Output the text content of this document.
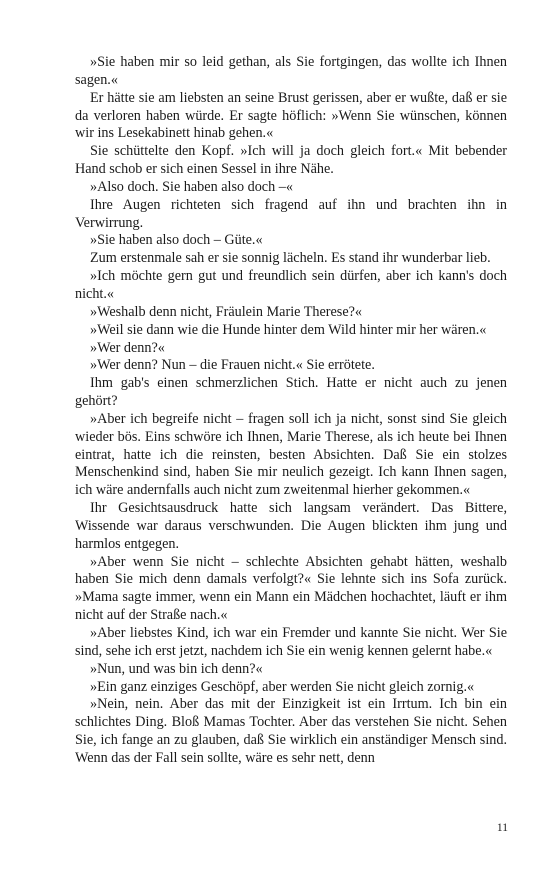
»Sie haben mir so leid gethan, als Sie fortgingen, das wollte ich Ihnen sagen.«

Er hätte sie am liebsten an seine Brust gerissen, aber er wußte, daß er sie da verloren haben würde. Er sagte höflich: »Wenn Sie wünschen, können wir ins Lesekabinett hinab gehen.«

Sie schüttelte den Kopf. »Ich will ja doch gleich fort.« Mit bebender Hand schob er sich einen Sessel in ihre Nähe.

»Also doch. Sie haben also doch –«

Ihre Augen richteten sich fragend auf ihn und brachten ihn in Verwirrung.

»Sie haben also doch – Güte.«

Zum erstenmale sah er sie sonnig lächeln. Es stand ihr wunderbar lieb.

»Ich möchte gern gut und freundlich sein dürfen, aber ich kann's doch nicht.«

»Weshalb denn nicht, Fräulein Marie Therese?«

»Weil sie dann wie die Hunde hinter dem Wild hinter mir her wären.«

»Wer denn?«

»Wer denn? Nun – die Frauen nicht.« Sie errötete.

Ihm gab's einen schmerzlichen Stich. Hatte er nicht auch zu jenen gehört?

»Aber ich begreife nicht – fragen soll ich ja nicht, sonst sind Sie gleich wieder bös. Eins schwöre ich Ihnen, Marie Therese, als ich heute bei Ihnen eintrat, hatte ich die reinsten, besten Absichten. Daß Sie ein stolzes Menschenkind sind, haben Sie mir neulich gezeigt. Ich kann Ihnen sagen, ich wäre andernfalls auch nicht zum zweitenmal hierher gekommen.«

Ihr Gesichtsausdruck hatte sich langsam verändert. Das Bittere, Wissende war daraus verschwunden. Die Augen blickten ihm jung und harmlos entgegen.

»Aber wenn Sie nicht – schlechte Absichten gehabt hätten, weshalb haben Sie mich denn damals verfolgt?« Sie lehnte sich ins Sofa zurück. »Mama sagte immer, wenn ein Mann ein Mädchen hochachtet, läuft er ihm nicht auf der Straße nach.«

»Aber liebstes Kind, ich war ein Fremder und kannte Sie nicht. Wer Sie sind, sehe ich erst jetzt, nachdem ich Sie ein wenig kennen gelernt habe.«

»Nun, und was bin ich denn?«

»Ein ganz einziges Geschöpf, aber werden Sie nicht gleich zornig.«

»Nein, nein. Aber das mit der Einzigkeit ist ein Irrtum. Ich bin ein schlichtes Ding. Bloß Mamas Tochter. Aber das verstehen Sie nicht. Sehen Sie, ich fange an zu glauben, daß Sie wirklich ein anständiger Mensch sind. Wenn das der Fall sein sollte, wäre es sehr nett, denn

11
